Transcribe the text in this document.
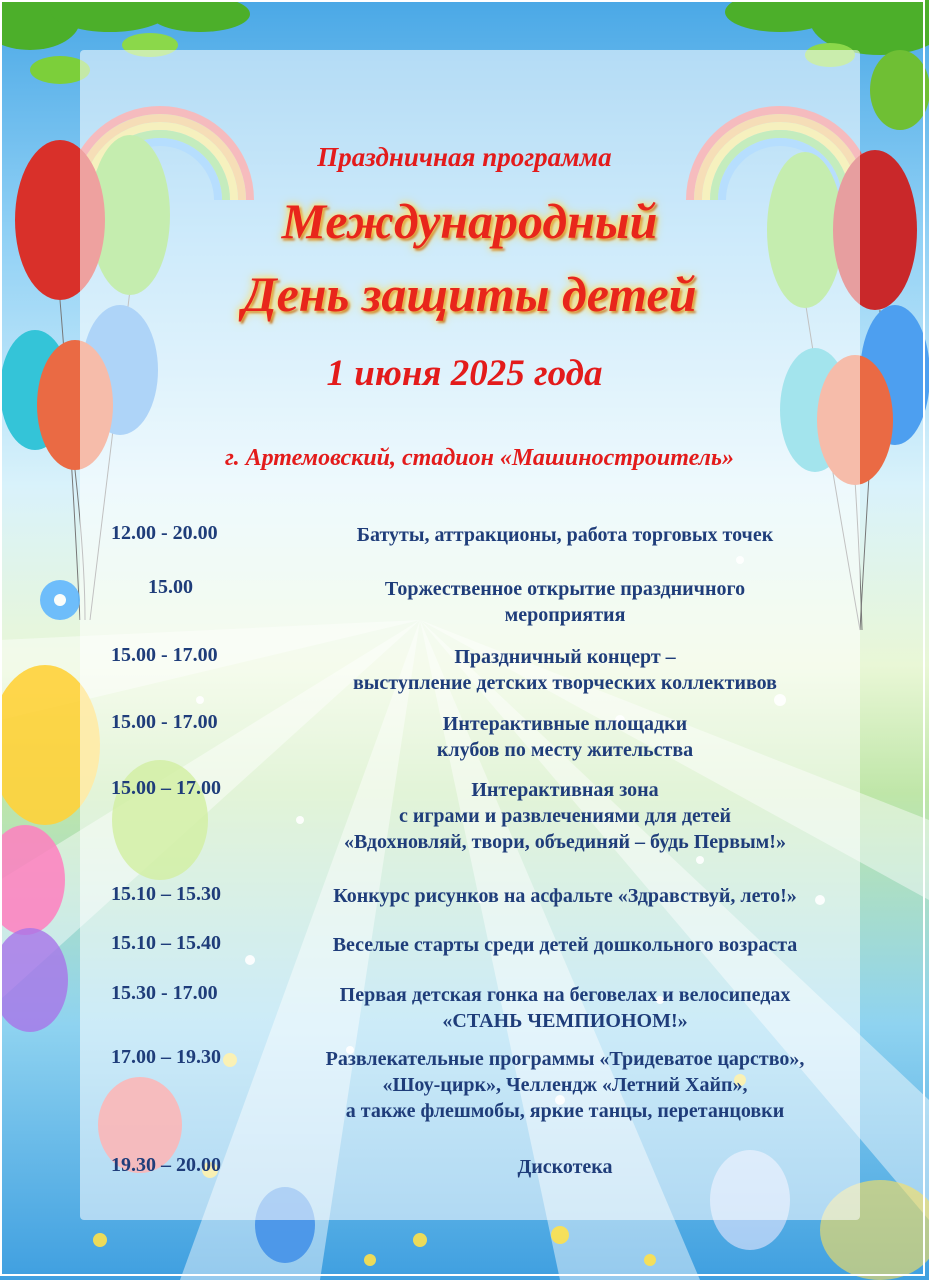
Праздничная программа
Международный
День защиты детей
1 июня 2025 года
г. Артемовский, стадион «Машиностроитель»
12.00 - 20.00	Батуты, аттракционы, работа торговых точек
15.00	Торжественное открытие праздничного
мероприятия
15.00 - 17.00	Праздничный концерт –
выступление детских творческих коллективов
15.00 - 17.00	Интерактивные площадки
клубов по месту жительства
15.00 – 17.00	Интерактивная зона
с играми и развлечениями для детей
«Вдохновляй, твори, объединяй – будь Первым!»
15.10 – 15.30	Конкурс рисунков на асфальте «Здравствуй, лето!»
15.10 – 15.40	Веселые старты среди детей дошкольного возраста
15.30 - 17.00	Первая детская гонка на беговелах и велосипедах
«СТАНЬ ЧЕМПИОНОМ!»
17.00 – 19.30	Развлекательные программы «Тридеватое царство»,
«Шоу-цирк», Челлендж «Летний Хайп»,
а также флешмобы, яркие танцы, перетанцовки
19.30 – 20.00	Дискотека
